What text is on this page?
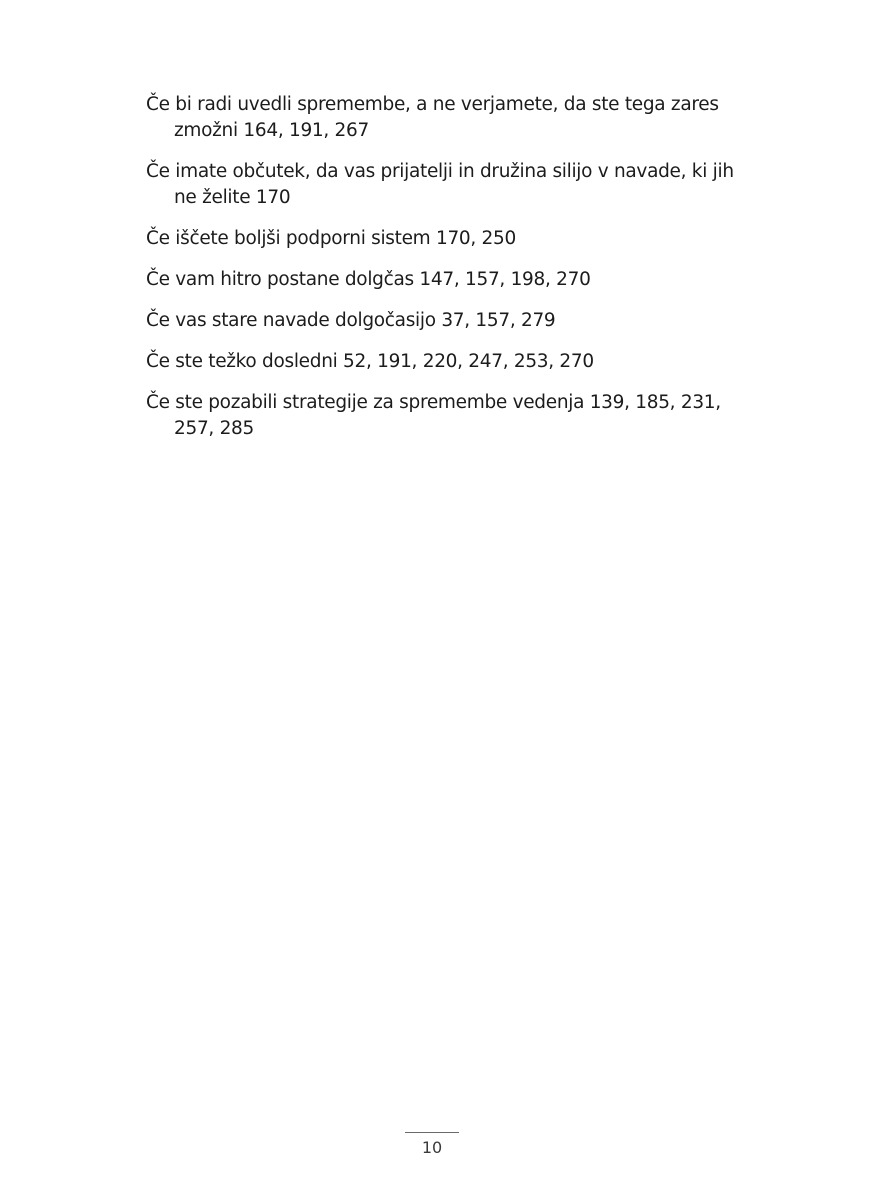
Če bi radi uvedli spremembe, a ne verjamete, da ste tega zares zmožni 164, 191, 267
Če imate občutek, da vas prijatelji in družina silijo v navade, ki jih ne želite 170
Če iščete boljši podporni sistem 170, 250
Če vam hitro postane dolgčas 147, 157, 198, 270
Če vas stare navade dolgočasijo 37, 157, 279
Če ste težko dosledni 52, 191, 220, 247, 253, 270
Če ste pozabili strategije za spremembe vedenja 139, 185, 231, 257, 285
10
